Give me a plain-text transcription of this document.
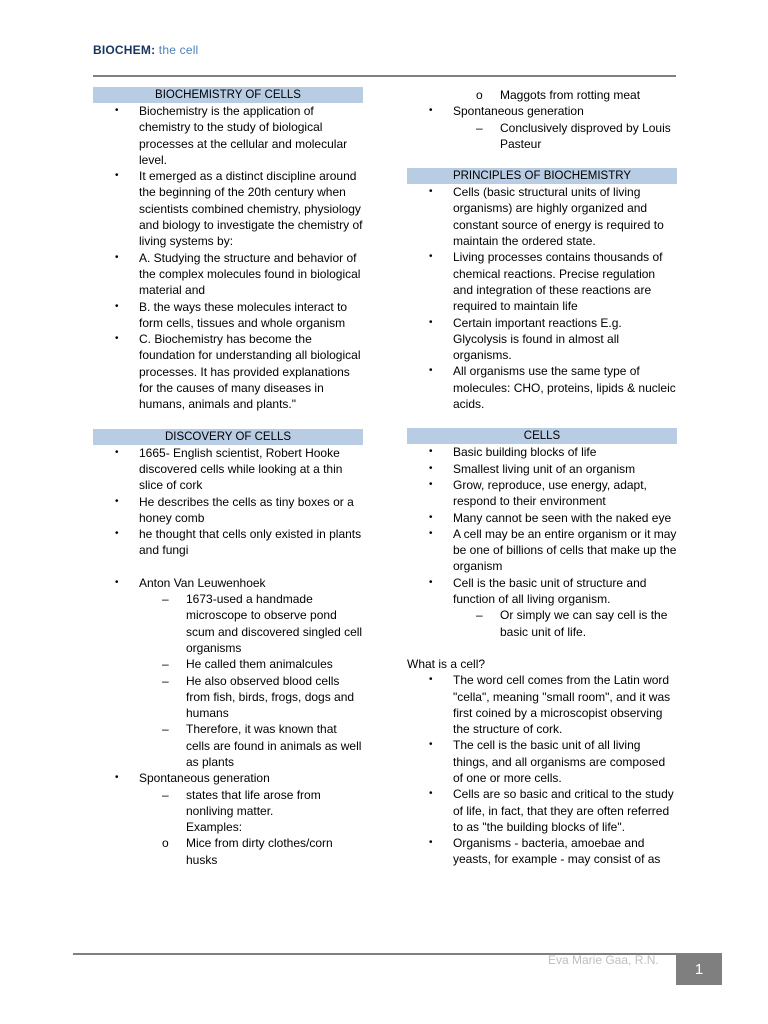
BIOCHEM: the cell
BIOCHEMISTRY OF CELLS
• Biochemistry is the application of chemistry to the study of biological processes at the cellular and molecular level.
• It emerged as a distinct discipline around the beginning of the 20th century when scientists combined chemistry, physiology and biology to investigate the chemistry of living systems by:
• A. Studying the structure and behavior of the complex molecules found in biological material and
• B. the ways these molecules interact to form cells, tissues and whole organism
• C. Biochemistry has become the foundation for understanding all biological processes. It has provided explanations for the causes of many diseases in humans, animals and plants."
DISCOVERY OF CELLS
• 1665- English scientist, Robert Hooke discovered cells while looking at a thin slice of cork
• He describes the cells as tiny boxes or a honey comb
• he thought that cells only existed in plants and fungi
• Anton Van Leuwenhoek
– 1673-used a handmade microscope to observe pond scum and discovered singled cell organisms
– He called them animalcules
– He also observed blood cells from fish, birds, frogs, dogs and humans
– Therefore, it was known that cells are found in animals as well as plants
• Spontaneous generation
– states that life arose from nonliving matter.
Examples:
o Mice from dirty clothes/corn husks
o Maggots from rotting meat
• Spontaneous generation
– Conclusively disproved by Louis Pasteur
PRINCIPLES OF BIOCHEMISTRY
• Cells (basic structural units of living organisms) are highly organized and constant source of energy is required to maintain the ordered state.
• Living processes contains thousands of chemical reactions. Precise regulation and integration of these reactions are required to maintain life
• Certain important reactions E.g. Glycolysis is found in almost all organisms.
• All organisms use the same type of molecules: CHO, proteins, lipids & nucleic acids.
CELLS
• Basic building blocks of life
• Smallest living unit of an organism
• Grow, reproduce, use energy, adapt, respond to their environment
• Many cannot be seen with the naked eye
• A cell may be an entire organism or it may be one of billions of cells that make up the organism
• Cell is the basic unit of structure and function of all living organism.
– Or simply we can say cell is the basic unit of life.
What is a cell?
• The word cell comes from the Latin word "cella", meaning "small room", and it was first coined by a microscopist observing the structure of cork.
• The cell is the basic unit of all living things, and all organisms are composed of one or more cells.
• Cells are so basic and critical to the study of life, in fact, that they are often referred to as "the building blocks of life".
• Organisms - bacteria, amoebae and yeasts, for example - may consist of as
Eva Marie Gaa, R.N.
1
